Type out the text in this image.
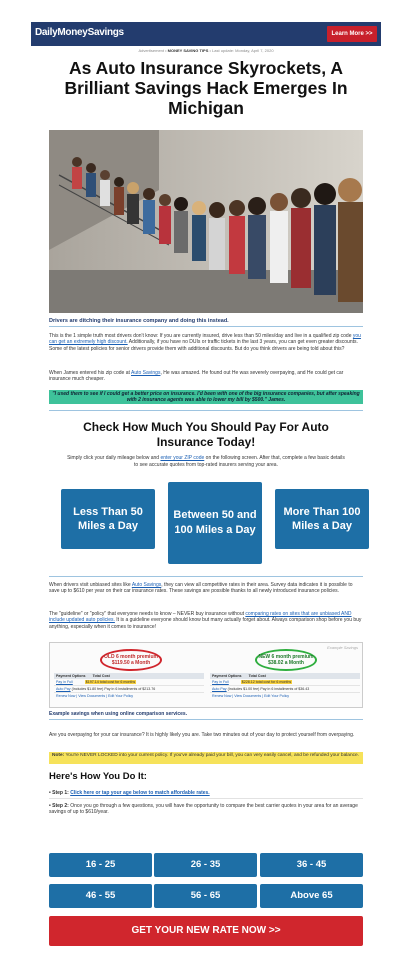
DailyMoneySavings	Learn More >>
Advertisement • MONEY SAVING TIPS • Last update: Monday, April 7, 2020
As Auto Insurance Skyrockets, A Brilliant Savings Hack Emerges In Michigan
Drivers are ditching their insurance company and doing this instead.

This is the 1 simple truth most drivers don't know: If you are currently insured, drive less than 50 miles/day and live in a qualified zip code you can get an extremely high discount. Additionally, if you have no DUIs or traffic tickets in the last 3 years, you can get even greater discounts. Some of the latest policies for senior drivers provide them with additional discounts. But do you think drivers are being told about this?

When James entered his zip code at Auto Savings, He was amazed. He found out He was severely overpaying, and He could get car insurance much cheaper.

"I used them to see if I could get a better price on insurance. I'd been with one of the big insurance companies, but after speaking with 2 insurance agents was able to lower my bill by $500." James.
Check How Much You Should Pay For Auto Insurance Today!

Simply click your daily mileage below and enter your ZIP code on the following screen. After that, complete a few basic details to see accurate quotes from top-rated insurers serving your area.

Less Than 50 Miles a Day
Between 50 and 100 Miles a Day
More Than 100 Miles a Day

When drivers visit unbiased sites like Auto Savings, they can view all competitive rates in their area. Survey data indicates it is possible to save up to $610 per year on their car insurance rates. These savings are possible thanks to all newly introduced insurance policies.

The "guideline" or "policy" that everyone needs to know – NEVER buy insurance without comparing rates on sites that are unbiased AND include updated auto policies. It is a guideline everyone should know but many actually forget about. Always comparison shop before you buy anything, especially when it comes to insurance!

Example Savings
OLD 6 month premium
$119.50 a Month
NEW 6 month premium
$38.02 a Month
Payment Options Total Cost
Pay in Full	$197.14 total cost for 6 months
Auto Pay (Includes $1.80 fee) Pay in 6 installments of $213.76
Renew Now | View Documents | Edit Your Policy
Payment Options Total Cost
Pay in Full	$228.12 total cost for 6 months
Auto Pay (Includes $1.00 fee) Pay in 6 installments of $36.43
Renew Now | View Documents | Edit Your Policy
Example savings when using online comparison services.

Are you overpaying for your car insurance? It is highly likely you are. Take two minutes out of your day to protect yourself from overpaying.

Note: You're NEVER LOCKED into your current policy. If you've already paid your bill, you can very easily cancel, and be refunded your balance.
Here's How You Do It:

• Step 1: Click here or tap your age below to match affordable rates.

• Step 2: Once you go through a few questions, you will have the opportunity to compare the best carrier quotes in your area for an average savings of up to $610/year.

16 - 25	26 - 35	36 - 45
46 - 55	56 - 65	Above 65
GET YOUR NEW RATE NOW >>
